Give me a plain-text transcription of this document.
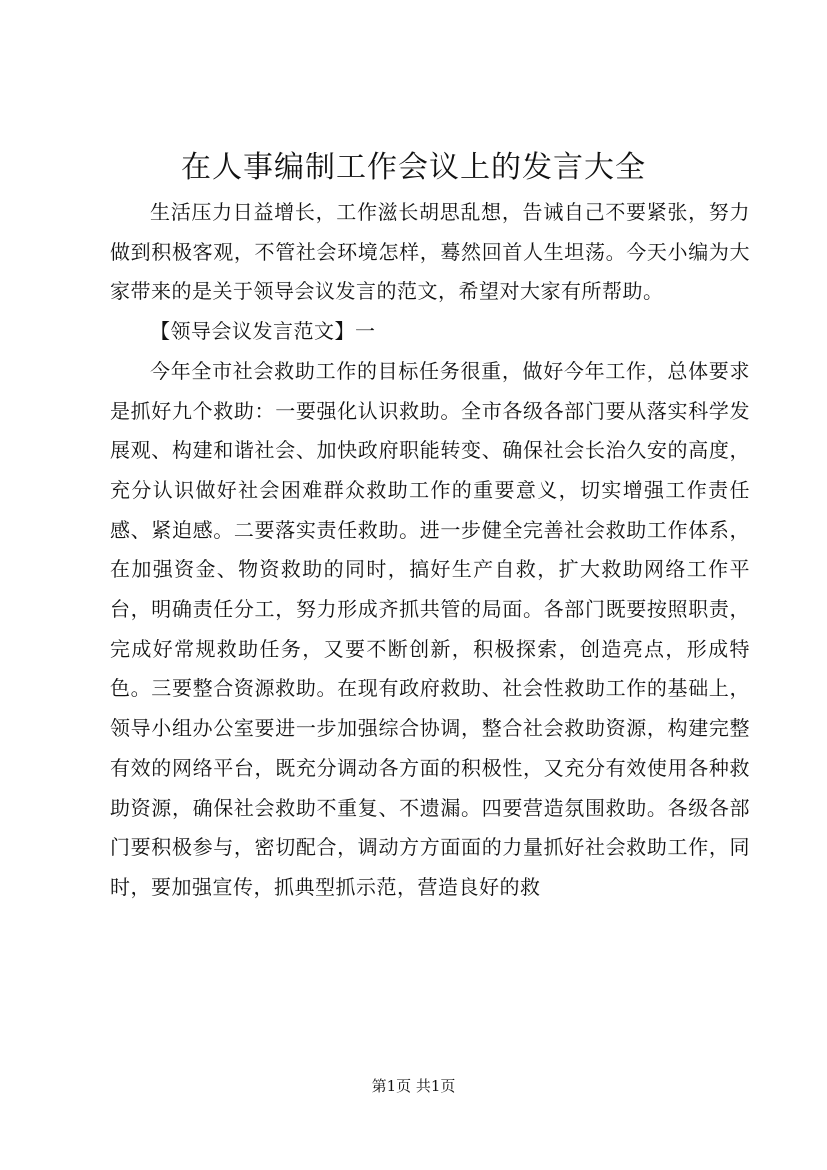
在人事编制工作会议上的发言大全

生活压力日益增长，工作滋长胡思乱想，告诫自己不要紧张，努力做到积极客观，不管社会环境怎样，蓦然回首人生坦荡。今天小编为大家带来的是关于领导会议发言的范文，希望对大家有所帮助。

【领导会议发言范文】一

今年全市社会救助工作的目标任务很重，做好今年工作，总体要求是抓好九个救助：一要强化认识救助。全市各级各部门要从落实科学发展观、构建和谐社会、加快政府职能转变、确保社会长治久安的高度，充分认识做好社会困难群众救助工作的重要意义，切实增强工作责任感、紧迫感。二要落实责任救助。进一步健全完善社会救助工作体系，在加强资金、物资救助的同时，搞好生产自救，扩大救助网络工作平台，明确责任分工，努力形成齐抓共管的局面。各部门既要按照职责，完成好常规救助任务，又要不断创新，积极探索，创造亮点，形成特色。三要整合资源救助。在现有政府救助、社会性救助工作的基础上，领导小组办公室要进一步加强综合协调，整合社会救助资源，构建完整有效的网络平台，既充分调动各方面的积极性，又充分有效使用各种救助资源，确保社会救助不重复、不遗漏。四要营造氛围救助。各级各部门要积极参与，密切配合，调动方方面面的力量抓好社会救助工作，同时，要加强宣传，抓典型抓示范，营造良好的救

第1页 共1页
